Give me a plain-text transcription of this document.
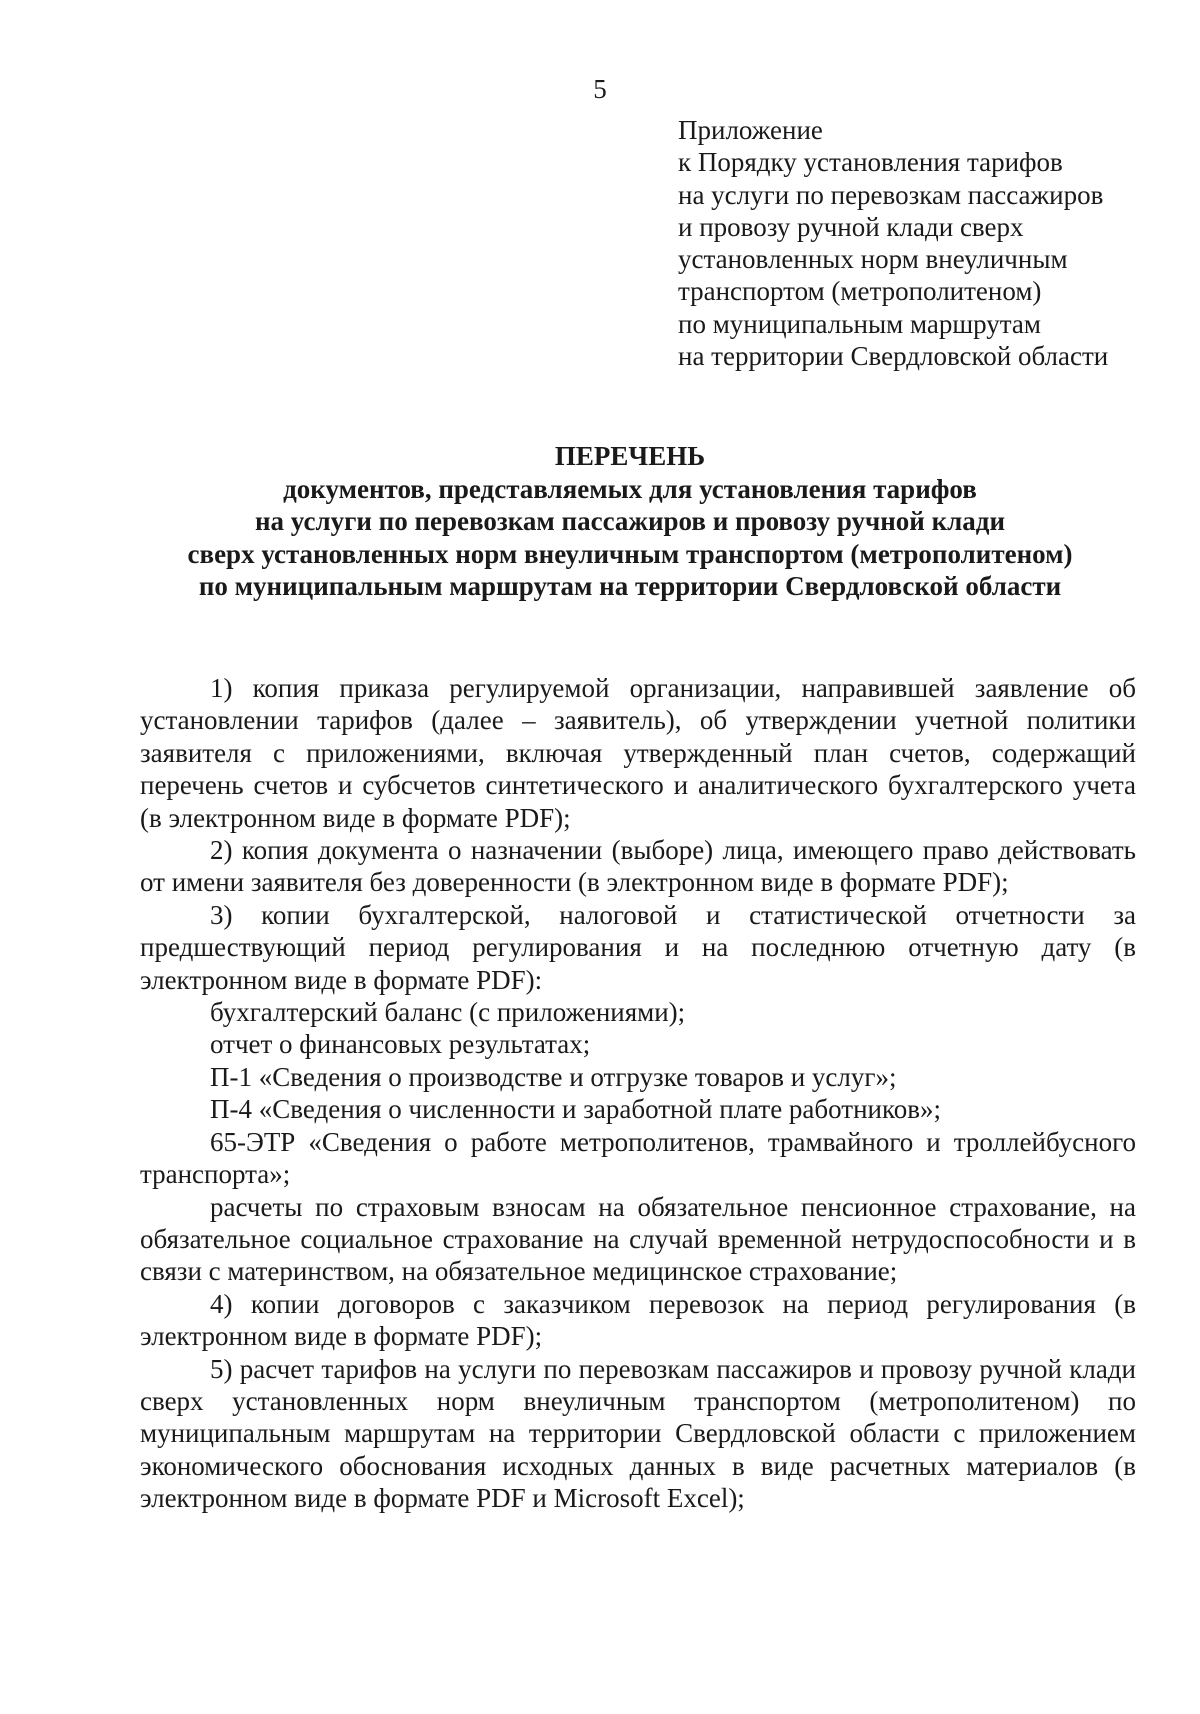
5
Приложение
к Порядку установления тарифов
на услуги по перевозкам пассажиров
и провозу ручной клади сверх
установленных норм внеуличным
транспортом (метрополитеном)
по муниципальным маршрутам
на территории Свердловской области
ПЕРЕЧЕНЬ
документов, представляемых для установления тарифов
на услуги по перевозкам пассажиров и провозу ручной клади
сверх установленных норм внеуличным транспортом (метрополитеном)
по муниципальным маршрутам на территории Свердловской области

1) копия приказа регулируемой организации, направившей заявление об установлении тарифов (далее – заявитель), об утверждении учетной политики заявителя с приложениями, включая утвержденный план счетов, содержащий перечень счетов и субсчетов синтетического и аналитического бухгалтерского учета (в электронном виде в формате PDF);

2) копия документа о назначении (выборе) лица, имеющего право действовать от имени заявителя без доверенности (в электронном виде в формате PDF);

3) копии бухгалтерской, налоговой и статистической отчетности за предшествующий период регулирования и на последнюю отчетную дату (в электронном виде в формате PDF):

бухгалтерский баланс (с приложениями);

отчет о финансовых результатах;

П-1 «Сведения о производстве и отгрузке товаров и услуг»;

П-4 «Сведения о численности и заработной плате работников»;

65-ЭТР «Сведения о работе метрополитенов, трамвайного и троллейбусного транспорта»;

расчеты по страховым взносам на обязательное пенсионное страхование, на обязательное социальное страхование на случай временной нетрудоспособности и в связи с материнством, на обязательное медицинское страхование;

4) копии договоров с заказчиком перевозок на период регулирования (в электронном виде в формате PDF);

5) расчет тарифов на услуги по перевозкам пассажиров и провозу ручной клади сверх установленных норм внеуличным транспортом (метрополитеном) по муниципальным маршрутам на территории Свердловской области с приложением экономического обоснования исходных данных в виде расчетных материалов (в электронном виде в формате PDF и Microsoft Excel);
